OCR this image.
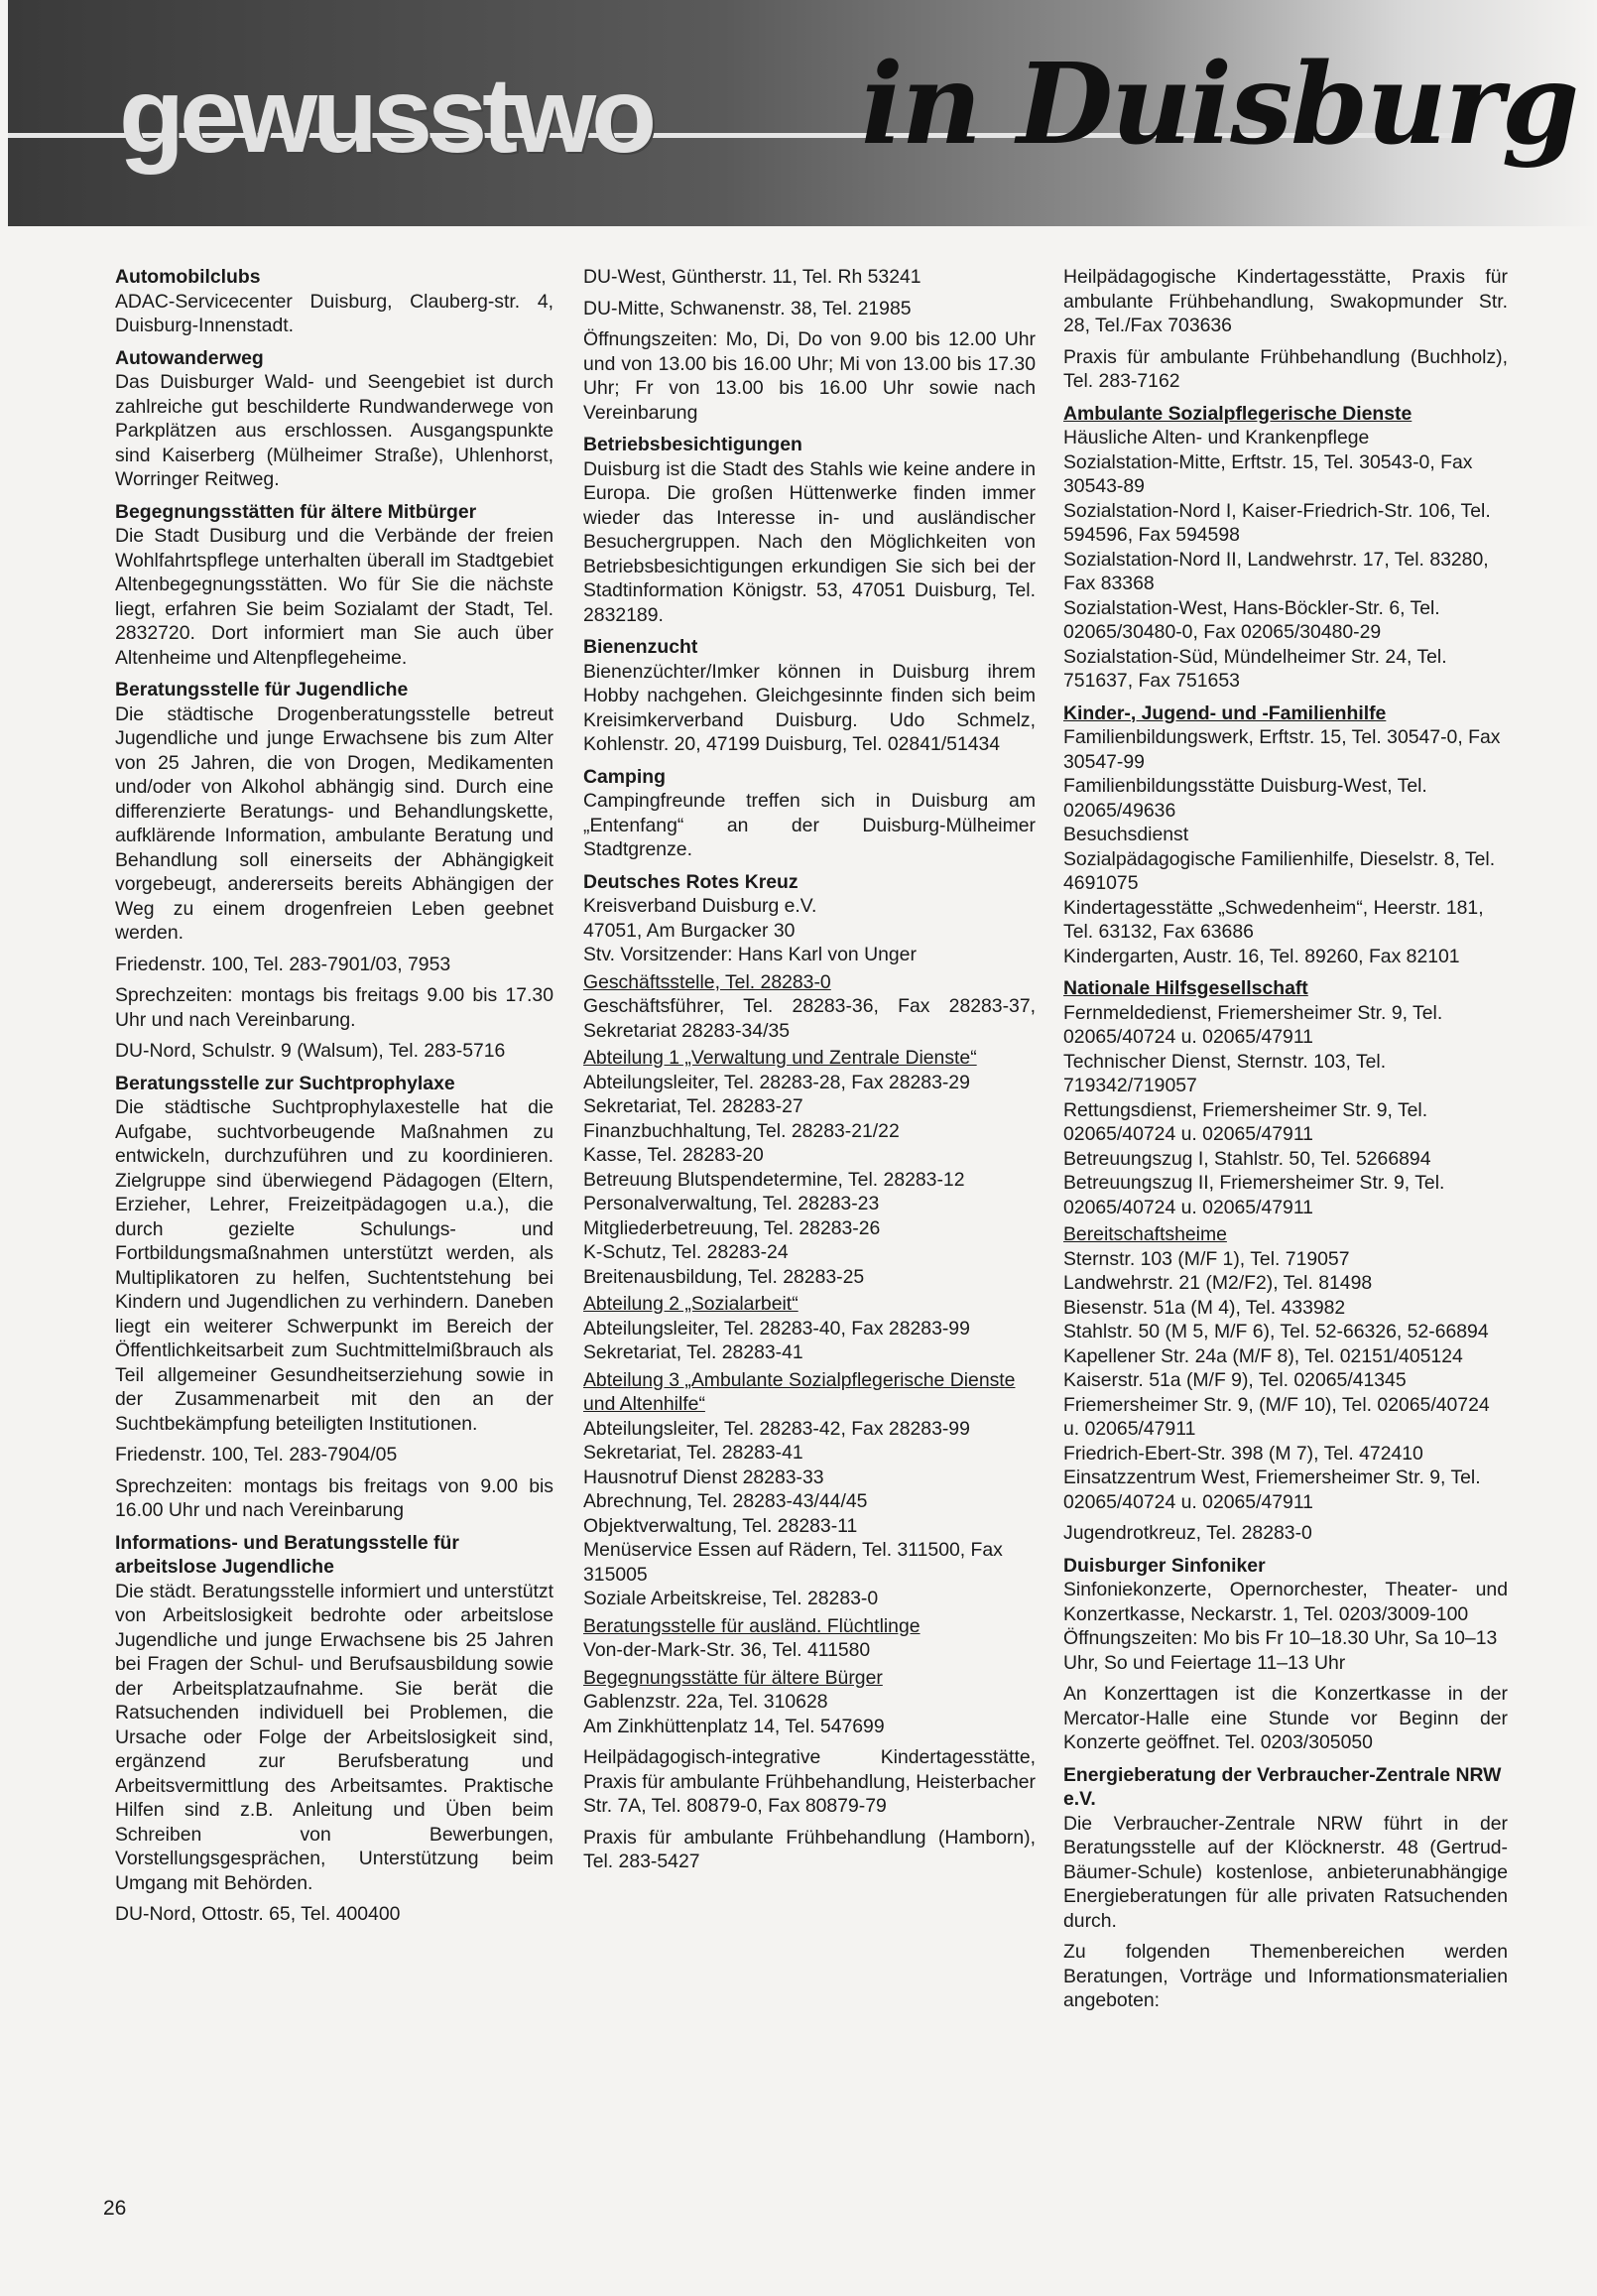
gewusstwo in Duisburg
Automobilclubs
ADAC-Servicecenter Duisburg, Clauberg-str. 4, Duisburg-Innenstadt.
Autowanderweg
Das Duisburger Wald- und Seengebiet ist durch zahlreiche gut beschilderte Rundwanderwege von Parkplätzen aus erschlossen. Ausgangspunkte sind Kaiserberg (Mülheimer Straße), Uhlenhorst, Worringer Reitweg.
Begegnungsstätten für ältere Mitbürger
Die Stadt Dusiburg und die Verbände der freien Wohlfahrtspflege unterhalten überall im Stadtgebiet Altenbegegnungsstätten. Wo für Sie die nächste liegt, erfahren Sie beim Sozialamt der Stadt, Tel. 2832720. Dort informiert man Sie auch über Altenheime und Altenpflegeheime.
Beratungsstelle für Jugendliche
Die städtische Drogenberatungsstelle betreut Jugendliche und junge Erwachsene bis zum Alter von 25 Jahren, die von Drogen, Medikamenten und/oder von Alkohol abhängig sind. Durch eine differenzierte Beratungs- und Behandlungskette, aufklärende Information, ambulante Beratung und Behandlung soll einerseits der Abhängigkeit vorgebeugt, andererseits bereits Abhängigen der Weg zu einem drogenfreien Leben geebnet werden.
Friedenstr. 100, Tel. 283-7901/03, 7953
Sprechzeiten: montags bis freitags 9.00 bis 17.30 Uhr und nach Vereinbarung.
DU-Nord, Schulstr. 9 (Walsum), Tel. 283-5716
Beratungsstelle zur Suchtprophylaxe
Die städtische Suchtprophylaxestelle hat die Aufgabe, suchtvorbeugende Maßnahmen zu entwickeln, durchzuführen und zu koordinieren. Zielgruppe sind überwiegend Pädagogen (Eltern, Erzieher, Lehrer, Freizeitpädagogen u.a.), die durch gezielte Schulungs- und Fortbildungsmaßnahmen unterstützt werden, als Multiplikatoren zu helfen, Suchtentstehung bei Kindern und Jugendlichen zu verhindern. Daneben liegt ein weiterer Schwerpunkt im Bereich der Öffentlichkeitsarbeit zum Suchtmittelmißbrauch als Teil allgemeiner Gesundheitserziehung sowie in der Zusammenarbeit mit den an der Suchtbekämpfung beteiligten Institutionen.
Friedenstr. 100, Tel. 283-7904/05
Sprechzeiten: montags bis freitags von 9.00 bis 16.00 Uhr und nach Vereinbarung
Informations- und Beratungsstelle für arbeitslose Jugendliche
Die städt. Beratungsstelle informiert und unterstützt von Arbeitslosigkeit bedrohte oder arbeitslose Jugendliche und junge Erwachsene bis 25 Jahren bei Fragen der Schul- und Berufsausbildung sowie der Arbeitsplatzaufnahme. Sie berät die Ratsuchenden individuell bei Problemen, die Ursache oder Folge der Arbeitslosigkeit sind, ergänzend zur Berufsberatung und Arbeitsvermittlung des Arbeitsamtes. Praktische Hilfen sind z.B. Anleitung und Üben beim Schreiben von Bewerbungen, Vorstellungsgesprächen, Unterstützung beim Umgang mit Behörden.
DU-Nord, Ottostr. 65, Tel. 400400
DU-West, Güntherstr. 11, Tel. Rh 53241
DU-Mitte, Schwanenstr. 38, Tel. 21985
Öffnungszeiten: Mo, Di, Do von 9.00 bis 12.00 Uhr und von 13.00 bis 16.00 Uhr; Mi von 13.00 bis 17.30 Uhr; Fr von 13.00 bis 16.00 Uhr sowie nach Vereinbarung
Betriebsbesichtigungen
Duisburg ist die Stadt des Stahls wie keine andere in Europa. Die großen Hüttenwerke finden immer wieder das Interesse in- und ausländischer Besuchergruppen. Nach den Möglichkeiten von Betriebsbesichtigungen erkundigen Sie sich bei der Stadtinformation Königstr. 53, 47051 Duisburg, Tel. 2832189.
Bienenzucht
Bienenzüchter/Imker können in Duisburg ihrem Hobby nachgehen. Gleichgesinnte finden sich beim Kreisimkerverband Duisburg. Udo Schmelz, Kohlenstr. 20, 47199 Duisburg, Tel. 02841/51434
Camping
Campingfreunde treffen sich in Duisburg am „Entenfang“ an der Duisburg-Mülheimer Stadtgrenze.
Deutsches Rotes Kreuz
Kreisverband Duisburg e.V.
47051, Am Burgacker 30
Stv. Vorsitzender: Hans Karl von Unger
Geschäftsstelle, Tel. 28283-0
Geschäftsführer, Tel. 28283-36, Fax 28283-37, Sekretariat 28283-34/35
Abteilung 1 „Verwaltung und Zentrale Dienste“
Abteilungsleiter, Tel. 28283-28, Fax 28283-29
Sekretariat, Tel. 28283-27
Finanzbuchhaltung, Tel. 28283-21/22
Kasse, Tel. 28283-20
Betreuung Blutspendetermine, Tel. 28283-12
Personalverwaltung, Tel. 28283-23
Mitgliederbetreuung, Tel. 28283-26
K-Schutz, Tel. 28283-24
Breitenausbildung, Tel. 28283-25
Abteilung 2 „Sozialarbeit“
Abteilungsleiter, Tel. 28283-40, Fax 28283-99
Sekretariat, Tel. 28283-41
Abteilung 3 „Ambulante Sozialpflegerische Dienste und Altenhilfe“
Abteilungsleiter, Tel. 28283-42, Fax 28283-99
Sekretariat, Tel. 28283-41
Hausnotruf Dienst 28283-33
Abrechnung, Tel. 28283-43/44/45
Objektverwaltung, Tel. 28283-11
Menüservice Essen auf Rädern, Tel. 311500, Fax 315005
Soziale Arbeitskreise, Tel. 28283-0
Beratungsstelle für ausländ. Flüchtlinge
Von-der-Mark-Str. 36, Tel. 411580
Begegnungsstätte für ältere Bürger
Gablenzstr. 22a, Tel. 310628
Am Zinkhüttenplatz 14, Tel. 547699
Heilpädagogisch-integrative Kindertagesstätte, Praxis für ambulante Frühbehandlung, Heisterbacher Str. 7A, Tel. 80879-0, Fax 80879-79
Praxis für ambulante Frühbehandlung (Hamborn), Tel. 283-5427
Heilpädagogische Kindertagesstätte, Praxis für ambulante Frühbehandlung, Swakopmunder Str. 28, Tel./Fax 703636
Praxis für ambulante Frühbehandlung (Buchholz), Tel. 283-7162
Ambulante Sozialpflegerische Dienste
Häusliche Alten- und Krankenpflege
Sozialstation-Mitte, Erftstr. 15, Tel. 30543-0, Fax 30543-89
Sozialstation-Nord I, Kaiser-Friedrich-Str. 106, Tel. 594596, Fax 594598
Sozialstation-Nord II, Landwehrstr. 17, Tel. 83280, Fax 83368
Sozialstation-West, Hans-Böckler-Str. 6, Tel. 02065/30480-0, Fax 02065/30480-29
Sozialstation-Süd, Mündelheimer Str. 24, Tel. 751637, Fax 751653
Kinder-, Jugend- und -Familienhilfe
Familienbildungswerk, Erftstr. 15, Tel. 30547-0, Fax 30547-99
Familienbildungsstätte Duisburg-West, Tel. 02065/49636
Besuchsdienst
Sozialpädagogische Familienhilfe, Dieselstr. 8, Tel. 4691075
Kindertagesstätte „Schwedenheim“, Heerstr. 181, Tel. 63132, Fax 63686
Kindergarten, Austr. 16, Tel. 89260, Fax 82101
Nationale Hilfsgesellschaft
Fernmeldedienst, Friemersheimer Str. 9, Tel. 02065/40724 u. 02065/47911
Technischer Dienst, Sternstr. 103, Tel. 719342/719057
Rettungsdienst, Friemersheimer Str. 9, Tel. 02065/40724 u. 02065/47911
Betreuungszug I, Stahlstr. 50, Tel. 5266894
Betreuungszug II, Friemersheimer Str. 9, Tel. 02065/40724 u. 02065/47911
Bereitschaftsheime
Sternstr. 103 (M/F 1), Tel. 719057
Landwehrstr. 21 (M2/F2), Tel. 81498
Biesenstr. 51a (M 4), Tel. 433982
Stahlstr. 50 (M 5, M/F 6), Tel. 52-66326, 52-66894
Kapellener Str. 24a (M/F 8), Tel. 02151/405124
Kaiserstr. 51a (M/F 9), Tel. 02065/41345
Friemersheimer Str. 9, (M/F 10), Tel. 02065/40724 u. 02065/47911
Friedrich-Ebert-Str. 398 (M 7), Tel. 472410
Einsatzzentrum West, Friemersheimer Str. 9, Tel. 02065/40724 u. 02065/47911
Jugendrotkreuz, Tel. 28283-0
Duisburger Sinfoniker
Sinfoniekonzerte, Opernorchester, Theater- und Konzertkasse, Neckarstr. 1, Tel. 0203/3009-100
Öffnungszeiten: Mo bis Fr 10–18.30 Uhr, Sa 10–13 Uhr, So und Feiertage 11–13 Uhr
An Konzerttagen ist die Konzertkasse in der Mercator-Halle eine Stunde vor Beginn der Konzerte geöffnet. Tel. 0203/305050
Energieberatung der Verbraucher-Zentrale NRW e.V.
Die Verbraucher-Zentrale NRW führt in der Beratungsstelle auf der Klöcknerstr. 48 (Gertrud-Bäumer-Schule) kostenlose, anbieterunabhängige Energieberatungen für alle privaten Ratsuchenden durch.
Zu folgenden Themenbereichen werden Beratungen, Vorträge und Informationsmaterialien angeboten:
26
